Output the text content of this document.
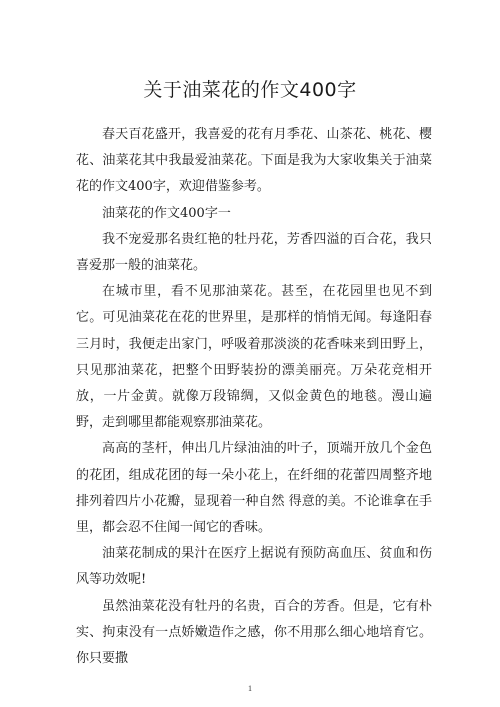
关于油菜花的作文400字

春天百花盛开，我喜爱的花有月季花、山茶花、桃花、樱花、油菜花其中我最爱油菜花。下面是我为大家收集关于油菜花的作文400字，欢迎借鉴参考。

油菜花的作文400字一

我不宠爱那名贵红艳的牡丹花，芳香四溢的百合花，我只喜爱那一般的油菜花。

在城市里，看不见那油菜花。甚至，在花园里也见不到它。可见油菜花在花的世界里，是那样的悄悄无闻。每逢阳春三月时，我便走出家门，呼吸着那淡淡的花香味来到田野上，只见那油菜花，把整个田野装扮的漂美丽亮。万朵花竞相开放，一片金黄。就像万段锦绸，又似金黄色的地毯。漫山遍野，走到哪里都能观察那油菜花。

高高的茎杆，伸出几片绿油油的叶子，顶端开放几个金色的花团，组成花团的每一朵小花上，在纤细的花蕾四周整齐地排列着四片小花瓣，显现着一种自然 得意的美。不论谁拿在手里，都会忍不住闻一闻它的香味。

油菜花制成的果汁在医疗上据说有预防高血压、贫血和伤风等功效呢!

虽然油菜花没有牡丹的名贵，百合的芳香。但是，它有朴实、拘束没有一点娇嫩造作之感，你不用那么细心地培育它。你只要撒

1
